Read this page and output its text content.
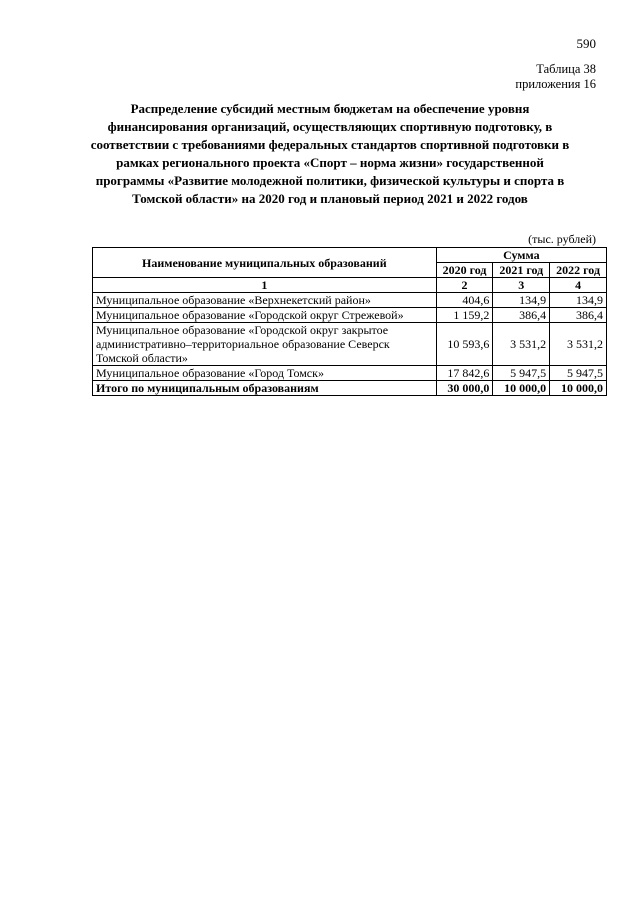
590
Таблица 38
приложения 16
Распределение субсидий местным бюджетам на обеспечение уровня финансирования организаций, осуществляющих спортивную подготовку, в соответствии с требованиями федеральных стандартов спортивной подготовки в рамках регионального проекта «Спорт – норма жизни» государственной программы «Развитие молодежной политики, физической культуры и спорта в Томской области» на 2020 год и плановый период 2021 и 2022 годов
(тыс. рублей)
Наименование муниципальных образований	Сумма		
	2020 год	2021 год	2022 год
1	2	3	4
Муниципальное образование «Верхнекетский район»	404,6	134,9	134,9
Муниципальное образование «Городской округ Стрежевой»	1 159,2	386,4	386,4
Муниципальное образование «Городской округ закрытое административно–территориальное образование Северск Томской области»	10 593,6	3 531,2	3 531,2
Муниципальное образование «Город Томск»	17 842,6	5 947,5	5 947,5
Итого по муниципальным образованиям	30 000,0	10 000,0	10 000,0
